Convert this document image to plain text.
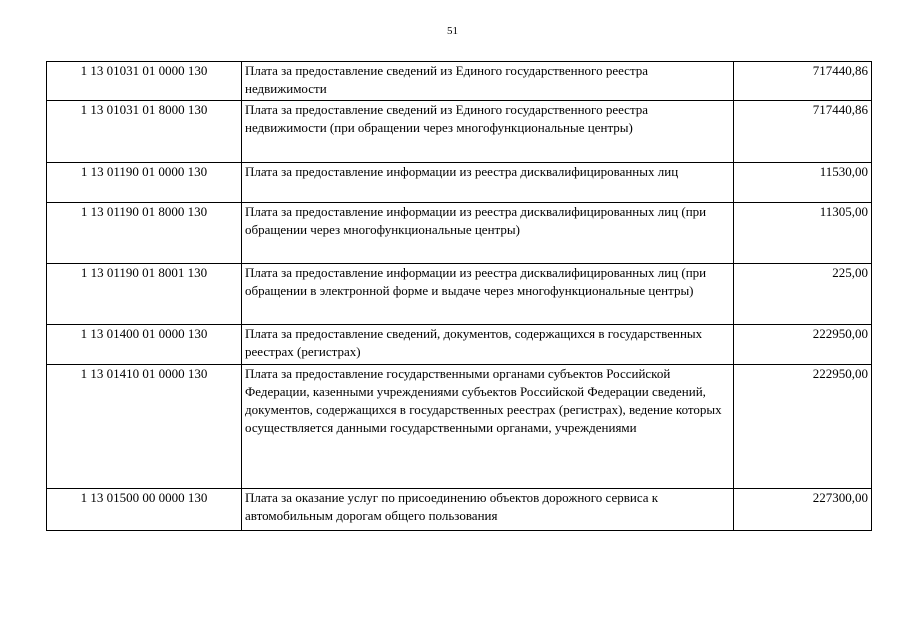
51
1 13 01031 01 0000 130	Плата за предоставление сведений из Единого государственного реестра недвижимости	717440,86
1 13 01031 01 8000 130	Плата за предоставление сведений из Единого государственного реестра недвижимости (при обращении через многофункциональные центры)	717440,86
1 13 01190 01 0000 130	Плата за предоставление информации из реестра дисквалифицированных лиц	11530,00
1 13 01190 01 8000 130	Плата за предоставление информации из реестра дисквалифицированных лиц (при обращении через многофункциональные центры)	11305,00
1 13 01190 01 8001 130	Плата за предоставление информации из реестра дисквалифицированных лиц (при обращении в электронной форме и выдаче через многофункциональные центры)	225,00
1 13 01400 01 0000 130	Плата за предоставление сведений, документов, содержащихся в государственных реестрах (регистрах)	222950,00
1 13 01410 01 0000 130	Плата за предоставление государственными органами субъектов Российской Федерации, казенными учреждениями субъектов Российской Федерации сведений, документов, содержащихся в государственных реестрах (регистрах), ведение которых осуществляется данными государственными органами, учреждениями	222950,00
1 13 01500 00 0000 130	Плата за оказание услуг по присоединению объектов дорожного сервиса к автомобильным дорогам общего пользования	227300,00
